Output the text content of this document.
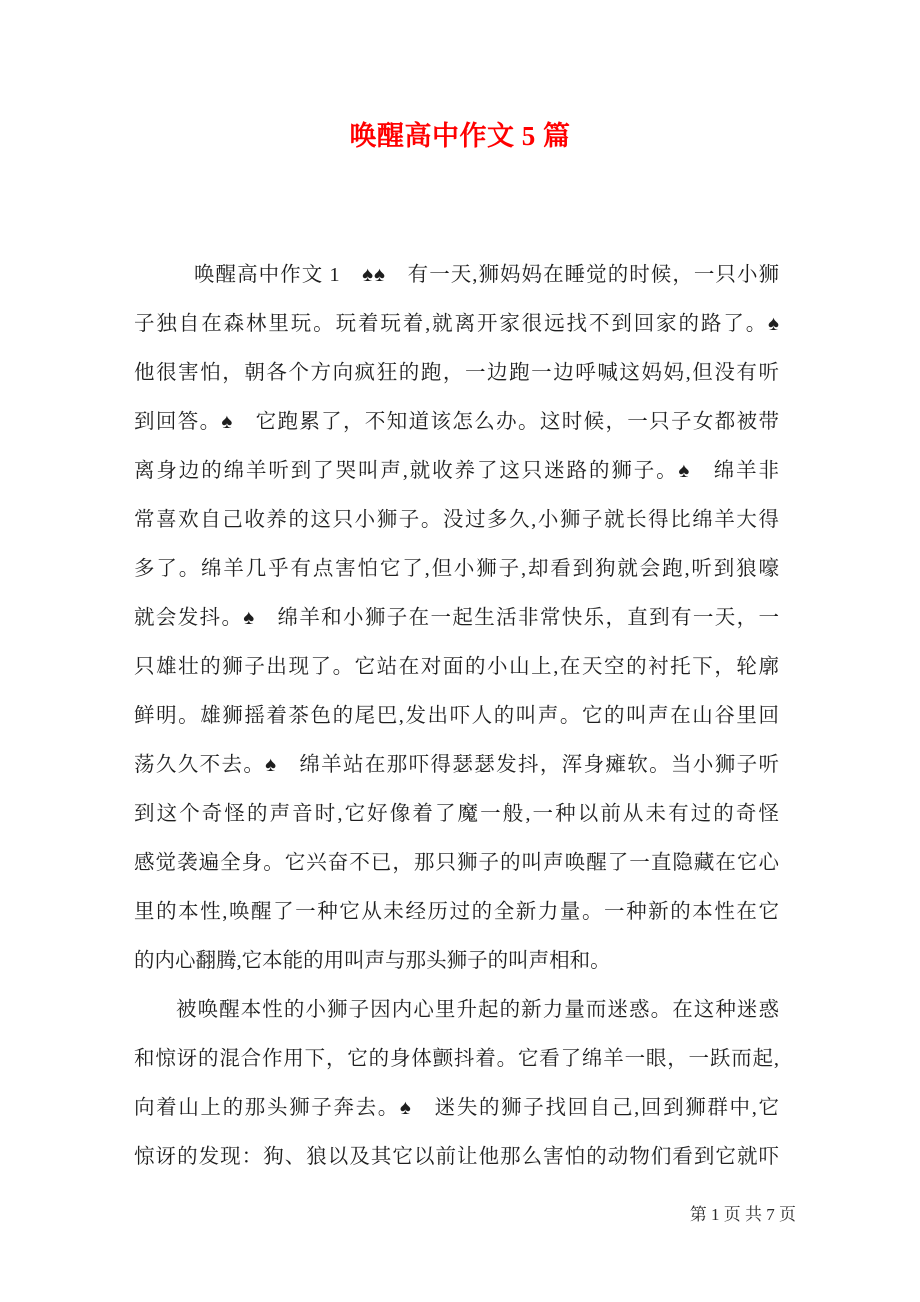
唤醒高中作文 5 篇
唤醒高中作文 1　♠♠　有一天,狮妈妈在睡觉的时候，一只小狮
子独自在森林里玩。玩着玩着,就离开家很远找不到回家的路了。♠
他很害怕，朝各个方向疯狂的跑，一边跑一边呼喊这妈妈,但没有听
到回答。♠　它跑累了，不知道该怎么办。这时候，一只子女都被带
离身边的绵羊听到了哭叫声,就收养了这只迷路的狮子。♠　绵羊非
常喜欢自己收养的这只小狮子。没过多久,小狮子就长得比绵羊大得
多了。绵羊几乎有点害怕它了,但小狮子,却看到狗就会跑,听到狼嚎
就会发抖。♠　绵羊和小狮子在一起生活非常快乐，直到有一天，一
只雄壮的狮子出现了。它站在对面的小山上,在天空的衬托下，轮廓
鲜明。雄狮摇着茶色的尾巴,发出吓人的叫声。它的叫声在山谷里回
荡久久不去。♠　绵羊站在那吓得瑟瑟发抖，浑身瘫软。当小狮子听
到这个奇怪的声音时,它好像着了魔一般,一种以前从未有过的奇怪
感觉袭遍全身。它兴奋不已，那只狮子的叫声唤醒了一直隐藏在它心
里的本性,唤醒了一种它从未经历过的全新力量。一种新的本性在它
的内心翻腾,它本能的用叫声与那头狮子的叫声相和。
被唤醒本性的小狮子因内心里升起的新力量而迷惑。在这种迷惑
和惊讶的混合作用下，它的身体颤抖着。它看了绵羊一眼，一跃而起,
向着山上的那头狮子奔去。♠　迷失的狮子找回自己,回到狮群中,它
惊讶的发现：狗、狼以及其它以前让他那么害怕的动物们看到它就吓
第 1 页 共 7 页
